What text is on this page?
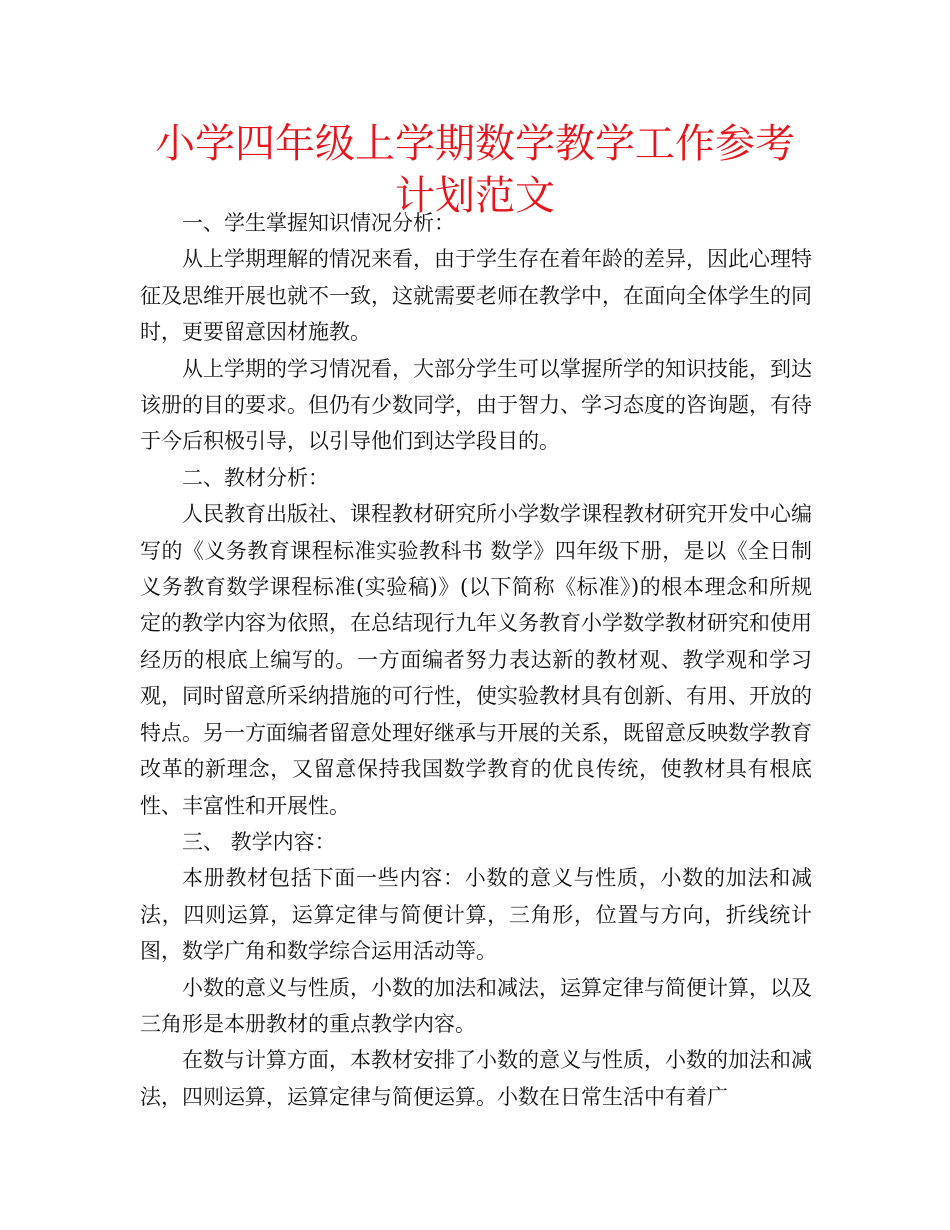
小学四年级上学期数学教学工作参考计划范文

一、学生掌握知识情况分析：

从上学期理解的情况来看，由于学生存在着年龄的差异，因此心理特征及思维开展也就不一致，这就需要老师在教学中，在面向全体学生的同时，更要留意因材施教。

从上学期的学习情况看，大部分学生可以掌握所学的知识技能，到达该册的目的要求。但仍有少数同学，由于智力、学习态度的咨询题，有待于今后积极引导，以引导他们到达学段目的。

二、教材分析：

人民教育出版社、课程教材研究所小学数学课程教材研究开发中心编写的《义务教育课程标准实验教科书 数学》四年级下册，是以《全日制义务教育数学课程标准(实验稿)》(以下简称《标准》)的根本理念和所规定的教学内容为依照，在总结现行九年义务教育小学数学教材研究和使用经历的根底上编写的。一方面编者努力表达新的教材观、教学观和学习观，同时留意所采纳措施的可行性，使实验教材具有创新、有用、开放的特点。另一方面编者留意处理好继承与开展的关系，既留意反映数学教育改革的新理念，又留意保持我国数学教育的优良传统，使教材具有根底性、丰富性和开展性。

三、 教学内容：

本册教材包括下面一些内容：小数的意义与性质，小数的加法和减法，四则运算，运算定律与简便计算，三角形，位置与方向，折线统计图，数学广角和数学综合运用活动等。

小数的意义与性质，小数的加法和减法，运算定律与简便计算，以及三角形是本册教材的重点教学内容。

在数与计算方面，本教材安排了小数的意义与性质，小数的加法和减法，四则运算，运算定律与简便运算。小数在日常生活中有着广
